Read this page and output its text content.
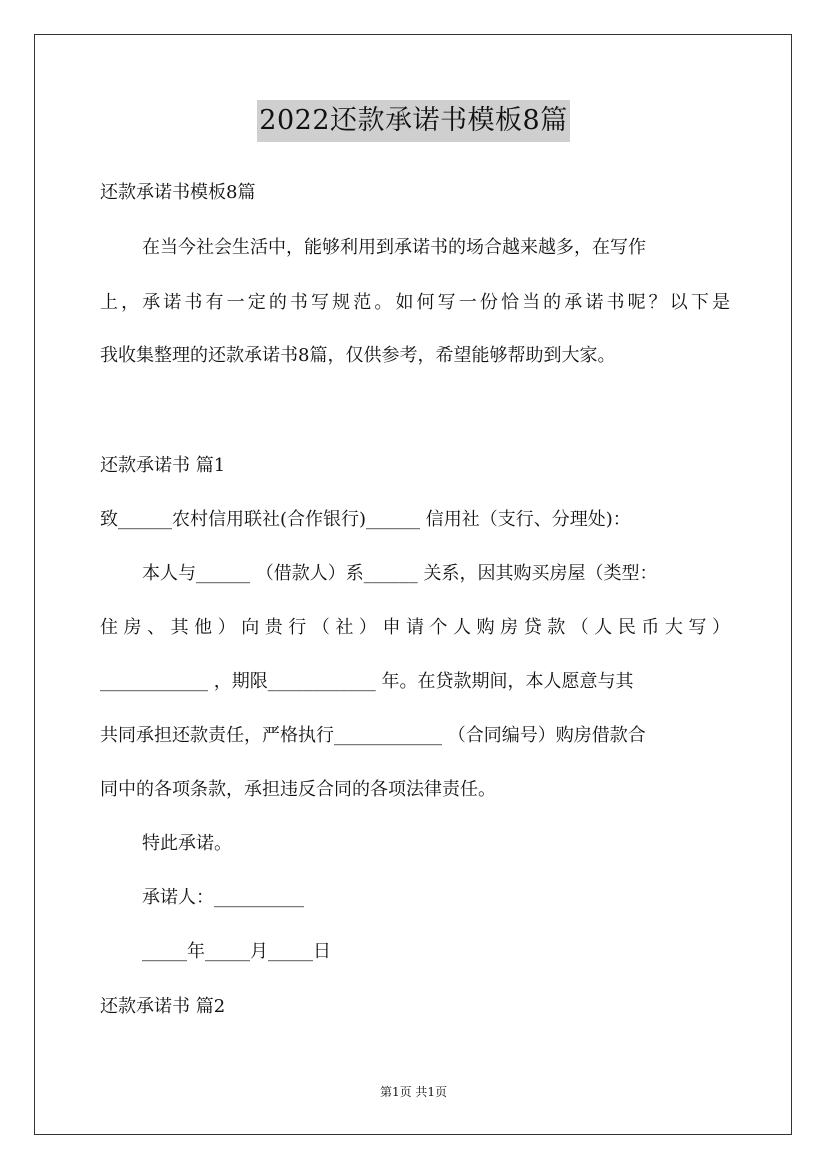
2022还款承诺书模板8篇
还款承诺书模板8篇
在当今社会生活中，能够利用到承诺书的场合越来越多，在写作
上，承诺书有一定的书写规范。如何写一份恰当的承诺书呢？以下是
我收集整理的还款承诺书8篇，仅供参考，希望能够帮助到大家。
还款承诺书 篇1
致______农村信用联社(合作银行)______ 信用社（支行、分理处)：
本人与______ （借款人）系______ 关系，因其购买房屋（类型：
住房、其他）向贵行（社）申请个人购房贷款（人民币大写）
____________ ，期限____________ 年。在贷款期间，本人愿意与其
共同承担还款责任，严格执行____________ （合同编号）购房借款合
同中的各项条款，承担违反合同的各项法律责任。
特此承诺。
承诺人：__________
_____年_____月_____日
还款承诺书 篇2
第1页 共1页
